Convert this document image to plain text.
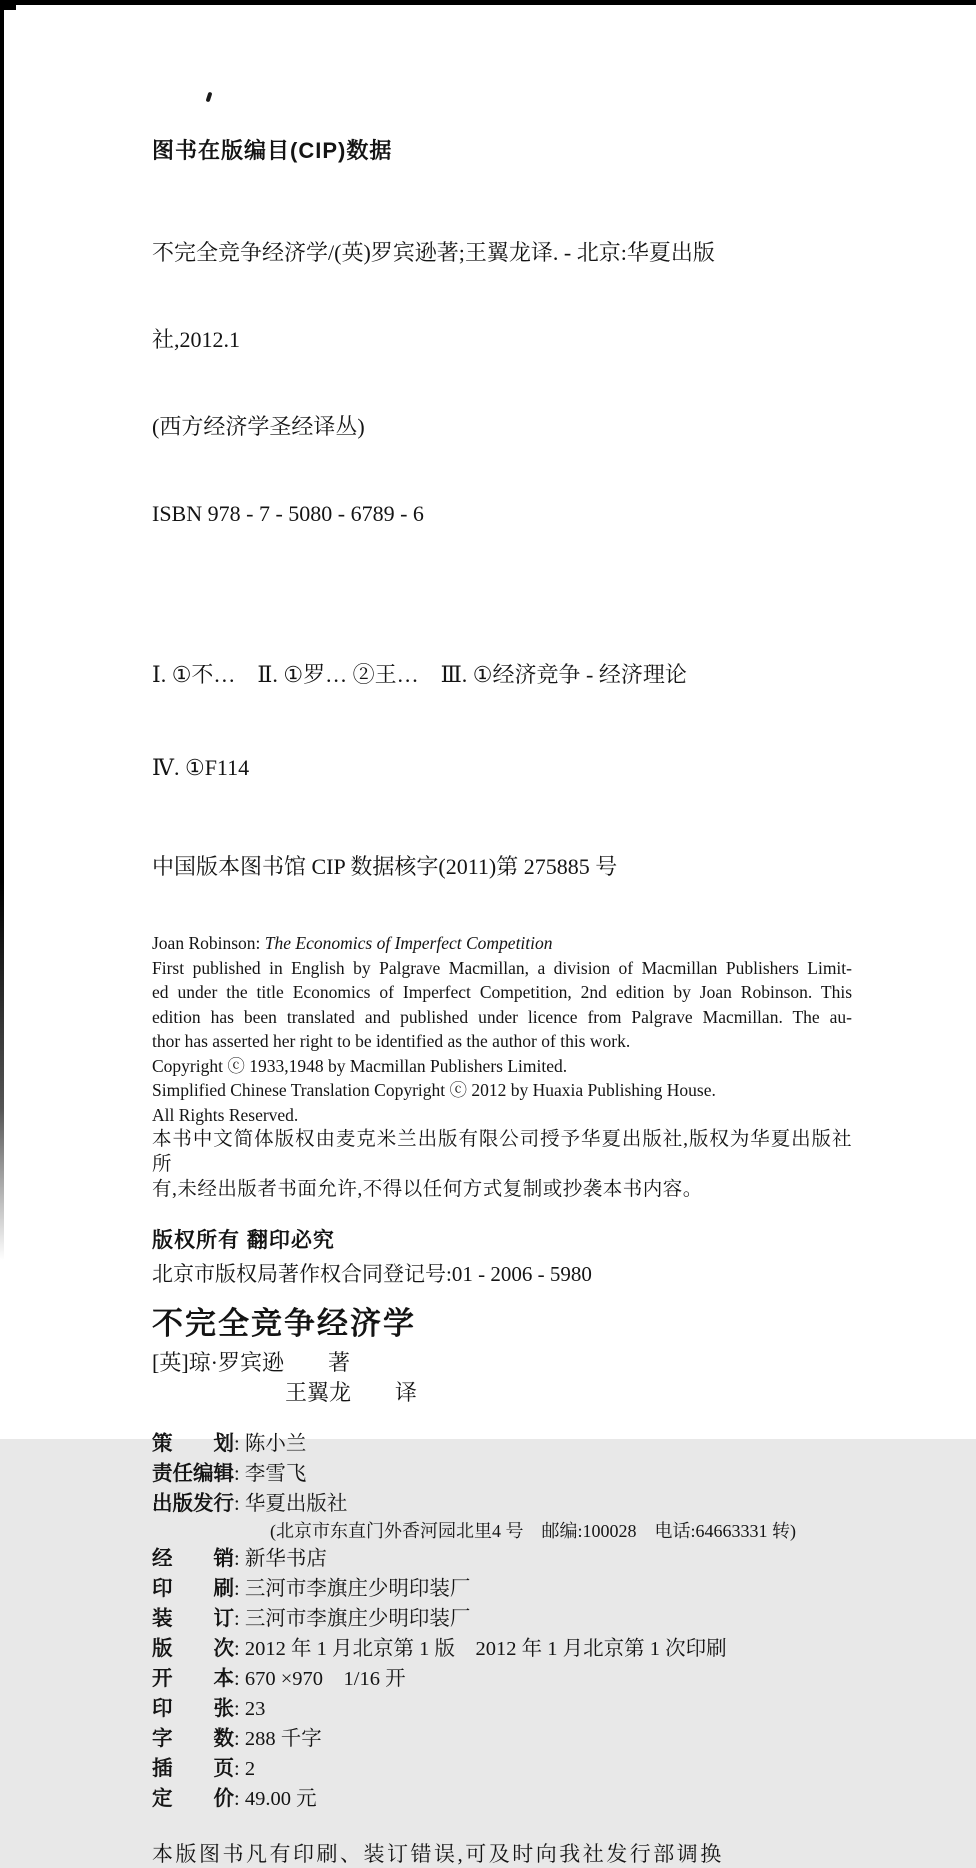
图书在版编目(CIP)数据

不完全竞争经济学/(英)罗宾逊著;王翼龙译. - 北京:华夏出版

社,2012.1

(西方经济学圣经译丛)

ISBN 978 - 7 - 5080 - 6789 - 6

Ⅰ. ①不…　Ⅱ. ①罗… ②王…　Ⅲ. ①经济竞争 - 经济理论

Ⅳ. ①F114

中国版本图书馆 CIP 数据核字(2011)第 275885 号
Joan Robinson: The Economics of Imperfect Competition
First published in English by Palgrave Macmillan, a division of Macmillan Publishers Limit-
ed under the title Economics of Imperfect Competition, 2nd edition by Joan Robinson. This
edition has been translated and published under licence from Palgrave Macmillan. The au-
thor has asserted her right to be identified as the author of this work.
Copyright ⓒ 1933,1948 by Macmillan Publishers Limited.
Simplified Chinese Translation Copyright ⓒ 2012 by Huaxia Publishing House.
All Rights Reserved.
本书中文简体版权由麦克米兰出版有限公司授予华夏出版社,版权为华夏出版社所
有,未经出版者书面允许,不得以任何方式复制或抄袭本书内容。
版权所有 翻印必究
北京市版权局著作权合同登记号:01 - 2006 - 5980
不完全竞争经济学
[英]琼·罗宾逊　　著
王翼龙　　译
策　　划: 陈小兰
责任编辑: 李雪飞
出版发行: 华夏出版社
(北京市东直门外香河园北里4 号　邮编:100028　电话:64663331 转)
经　　销: 新华书店
印　　刷: 三河市李旗庄少明印装厂
装　　订: 三河市李旗庄少明印装厂
版　　次: 2012 年 1 月北京第 1 版　2012 年 1 月北京第 1 次印刷
开　　本: 670 ×970　1/16 开
印　　张: 23
字　　数: 288 千字
插　　页: 2
定　　价: 49.00 元
本版图书凡有印刷、装订错误,可及时向我社发行部调换
